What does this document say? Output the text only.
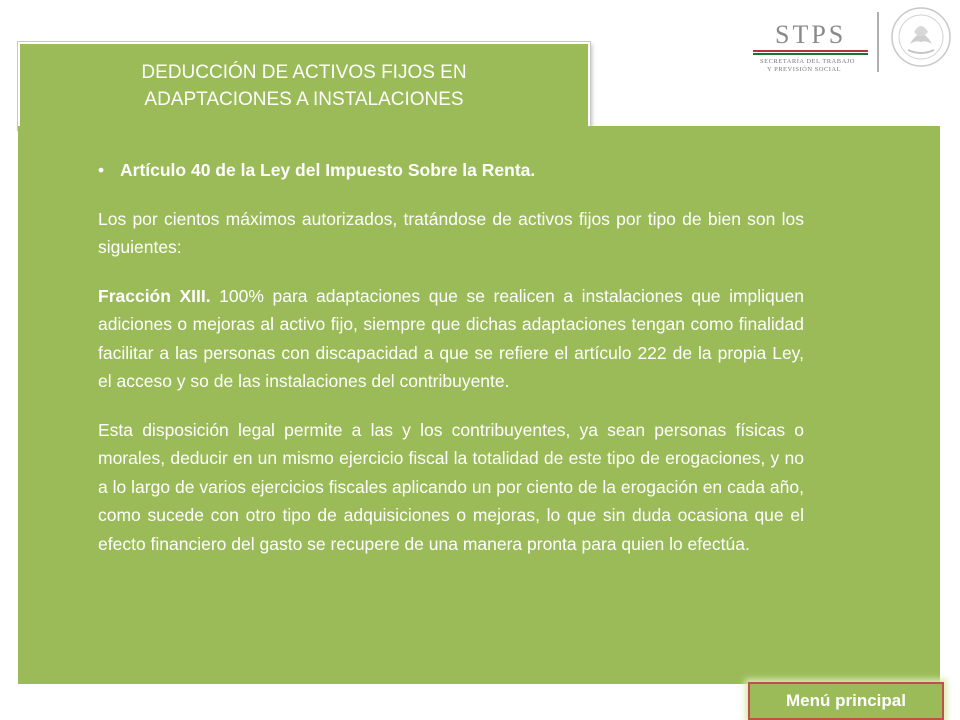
DEDUCCIÓN DE ACTIVOS FIJOS EN
ADAPTACIONES A INSTALACIONES
STPS
SECRETARÍA DEL TRABAJO
Y PREVISIÓN SOCIAL
• Artículo 40 de la Ley del Impuesto Sobre la Renta.

Los por cientos máximos autorizados, tratándose de activos fijos por tipo de bien son los siguientes:

Fracción XIII. 100% para adaptaciones que se realicen a instalaciones que impliquen adiciones o mejoras al activo fijo, siempre que dichas adaptaciones tengan como finalidad facilitar a las personas con discapacidad a que se refiere el artículo 222 de la propia Ley, el acceso y so de las instalaciones del contribuyente.

Esta disposición legal permite a las y los contribuyentes, ya sean personas físicas o morales, deducir en un mismo ejercicio fiscal la totalidad de este tipo de erogaciones, y no a lo largo de varios ejercicios fiscales aplicando un por ciento de la erogación en cada año, como sucede con otro tipo de adquisiciones o mejoras, lo que sin duda ocasiona que el efecto financiero del gasto se recupere de una manera pronta para quien lo efectúa.

Menú principal
